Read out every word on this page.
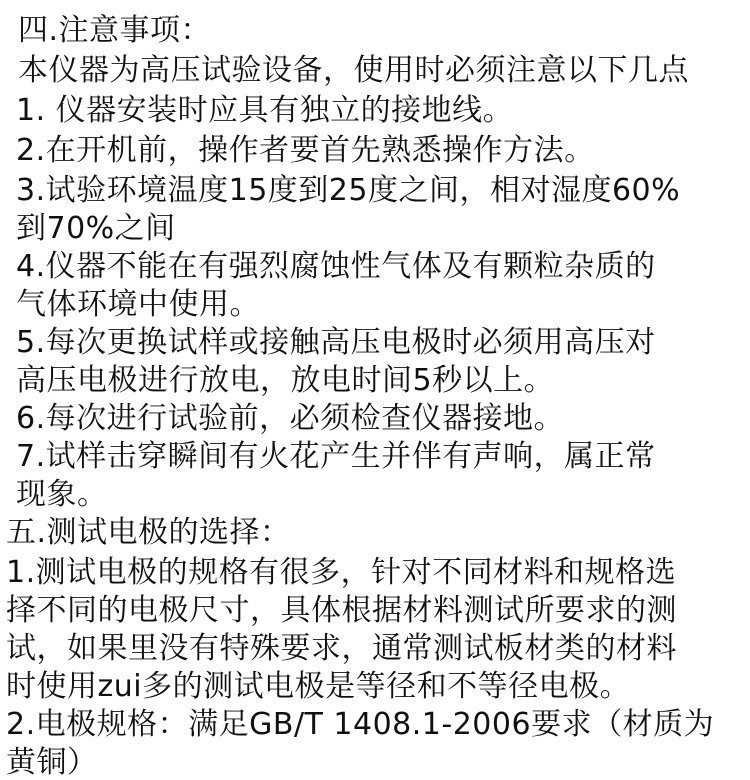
四.注意事项：
本仪器为高压试验设备，使用时必须注意以下几点
1. 仪器安装时应具有独立的接地线。
2.在开机前，操作者要首先熟悉操作方法。
3.试验环境温度15度到25度之间，相对湿度60%
到70%之间
4.仪器不能在有强烈腐蚀性气体及有颗粒杂质的
气体环境中使用。
5.每次更换试样或接触高压电极时必须用高压对
高压电极进行放电，放电时间5秒以上。
6.每次进行试验前，必须检查仪器接地。
7.试样击穿瞬间有火花产生并伴有声响，属正常
现象。
五.测试电极的选择：
1.测试电极的规格有很多，针对不同材料和规格选
择不同的电极尺寸，具体根据材料测试所要求的测
试，如果里没有特殊要求，通常测试板材类的材料
时使用zui多的测试电极是等径和不等径电极。
2.电极规格：满足GB/T 1408.1-2006要求（材质为
黄铜）
